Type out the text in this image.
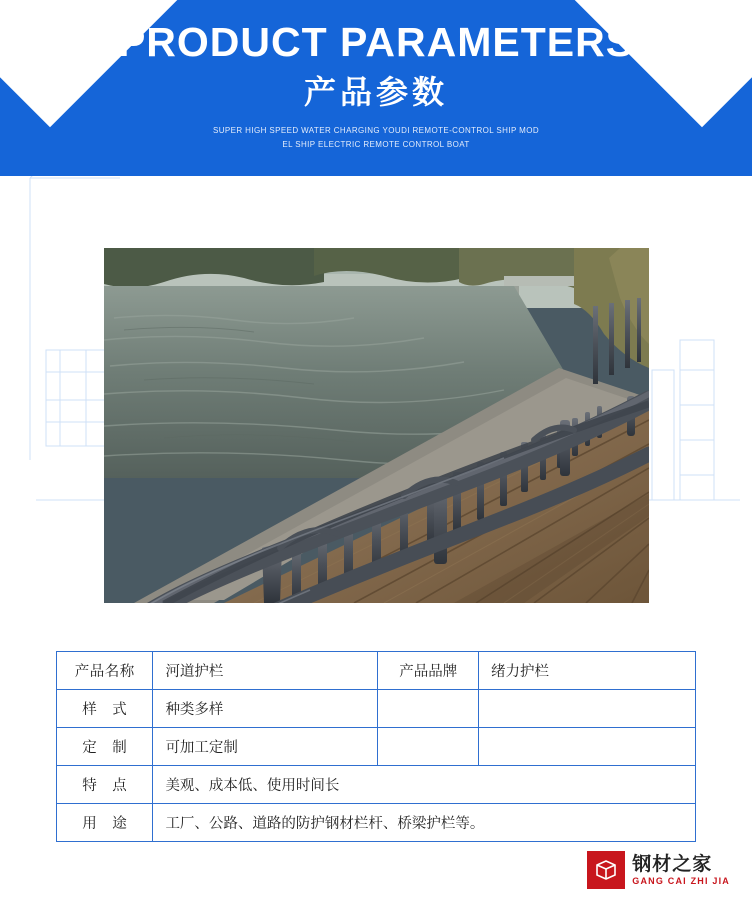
PRODUCT PARAMETERS
产品参数
SUPER HIGH SPEED WATER CHARGING YOUDI REMOTE-CONTROL SHIP MOD
EL SHIP ELECTRIC REMOTE CONTROL BOAT
产品名称	河道护栏	产品品牌	绪力护栏
样　式	种类多样		
定　制	可加工定制		
特　点	美观、成本低、使用时间长		
用　途	工厂、公路、道路的防护钢材栏杆、桥梁护栏等。		
钢材之家
GANG CAI ZHI JIA
